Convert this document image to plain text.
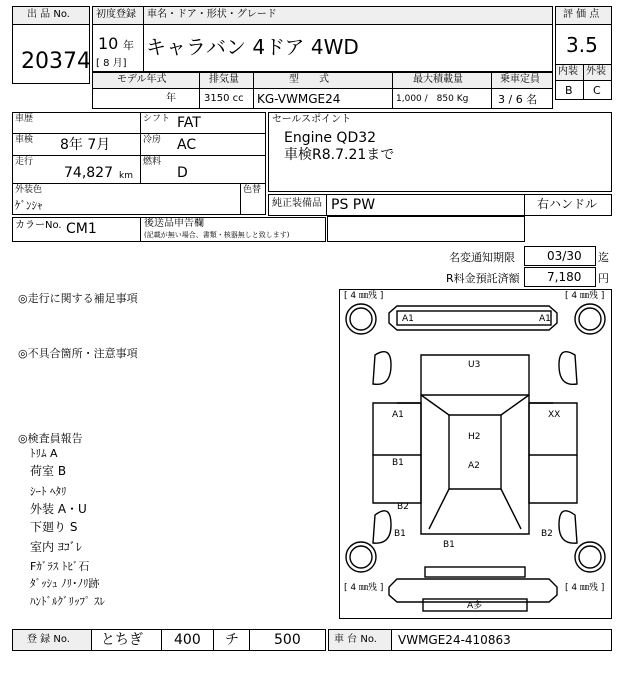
出 品 No.
20374
初度登録 車名・ドア・形状・グレード
10 年
[ 8 月]
キャラバン 4ドア 4WD
評 価 点
3.5
内装 外装
B C
モデル年式	排気量	型　　式	最大積載量	乗車定員
年	3150 cc KG-VWMGE24	1,000 /　850 Kg	3 / 6 名
車歴	シフト FAT
車検 8年 7月	冷房 AC
走行
74,827 km
燃料
D
外装色
ｹﾞﾝｼｬ
色替
カラーNo. CM1	後送品申告欄
(記載が無い場合、書類・核器無しと致します)
セールスポイント
Engine QD32
車検R8.7.21まで
純正装備品 PS PW	右ハンドル
名変通知期限	03/30 迄
R料金預託済額 7,180 円
◎走行に関する補足事項
◎不具合箇所・注意事項
◎検査員報告
ﾄﾘﾑ A
荷室 B
ｼｰﾄ ﾍﾀﾘ
外装 A・U
下廻り S
室内 ﾖｺﾞﾚ
Fｶﾞﾗｽ ﾄﾋﾞ石
ﾀﾞｯｼｭ ﾉﾘ･ﾉﾘ跡
ﾊﾝﾄﾞﾙｸﾞﾘｯﾌﾟ ｽﾚ
[ 4 ㎜残 ]	[ 4 ㎜残 ]
[ 4 ㎜残 ]	[ 4 ㎜残 ]
A1	A1
U3
A1	XX
H2
B1	A2
B2
B2
B1
B1
A多
登 録 No. とちぎ 400 チ	500	車 台 No. VWMGE24-410863
